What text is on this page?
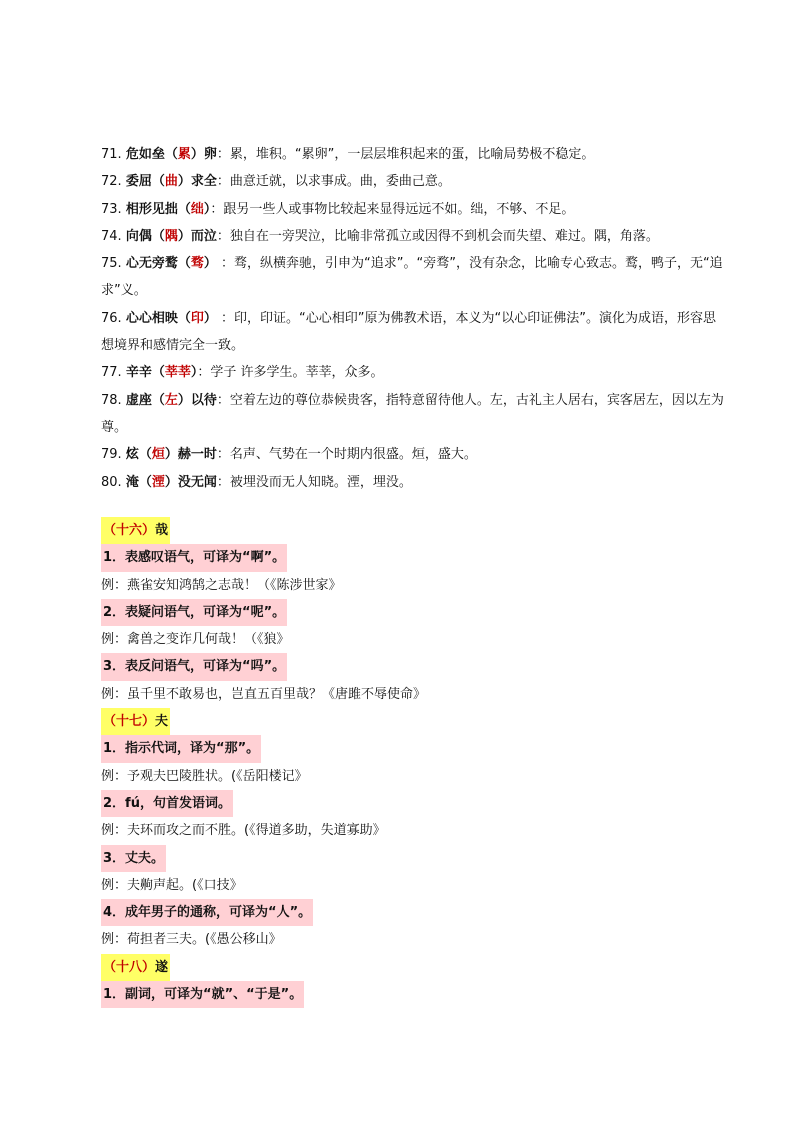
71. 危如垒（累）卵：累，堆积。“累卵”，一层层堆积起来的蛋，比喻局势极不稳定。

72. 委屈（曲）求全：曲意迁就，以求事成。曲，委曲己意。

73. 相形见拙（绌）：跟另一些人或事物比较起来显得远远不如。绌，不够、不足。

74. 向偶（隅）而泣：独自在一旁哭泣，比喻非常孤立或因得不到机会而失望、难过。隅，角落。

75. 心无旁鹜（骛） ：骛，纵横奔驰，引申为“追求”。“旁骛”，没有杂念，比喻专心致志。鹜，鸭子，无“追求”义。

76. 心心相映（印） ：印，印证。“心心相印”原为佛教术语，本义为“以心印证佛法”。演化为成语，形容思想境界和感情完全一致。

77. 辛辛（莘莘）：学子 许多学生。莘莘，众多。

78. 虚座（左）以待：空着左边的尊位恭候贵客，指特意留待他人。左，古礼主人居右，宾客居左，因以左为尊。

79. 炫（烜）赫一时：名声、气势在一个时期内很盛。烜，盛大。

80. 淹（湮）没无闻：被埋没而无人知晓。湮，埋没。

（十六）哉
1．表感叹语气，可译为“啊”。
例：燕雀安知鸿鹄之志哉！（《陈涉世家》
2．表疑问语气，可译为“呢”。
例：禽兽之变诈几何哉！（《狼》
3．表反问语气，可译为“吗”。
例：虽千里不敢易也，岂直五百里哉？《唐雎不辱使命》
（十七）夫
1．指示代词，译为“那”。
例：予观夫巴陵胜状。(《岳阳楼记》
2．fú，句首发语词。
例：夫环而攻之而不胜。(《得道多助，失道寡助》
3．丈夫。
例：夫齁声起。(《口技》
4．成年男子的通称，可译为“人”。
例：荷担者三夫。(《愚公移山》
（十八）遂
1．副词，可译为“就”、“于是”。
